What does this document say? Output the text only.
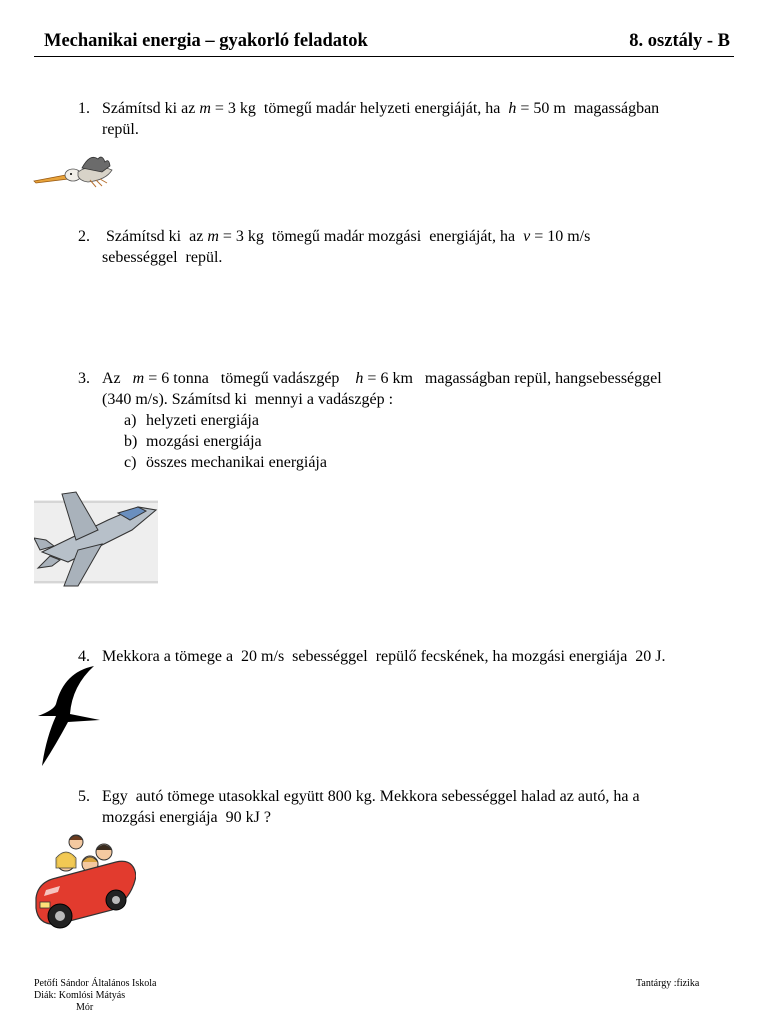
Mechanikai energia – gyakorló feladatok	8. osztály - B
1. Számítsd ki az m = 3 kg  tömegű madár helyzeti energiáját, ha  h = 50 m  magasságban
repül.
2. Számítsd ki  az m = 3 kg  tömegű madár mozgási  energiáját, ha  v = 10 m/s
sebességgel  repül.
3. Az   m = 6 tonna   tömegű vadászgép    h = 6 km   magasságban repül, hangsebességgel
(340 m/s). Számítsd ki  mennyi a vadászgép :
a) helyzeti energiája
b) mozgási energiája
c) összes mechanikai energiája
4. Mekkora a tömege a  20 m/s  sebességgel  repülő fecskének, ha mozgási energiája  20 J.
5. Egy  autó tömege utasokkal együtt 800 kg. Mekkora sebességgel halad az autó, ha a
mozgási energiája  90 kJ ?
Petőfi Sándor Általános Iskola
Diák: Komlósi Mátyás
Mór
Tantárgy :fizika
